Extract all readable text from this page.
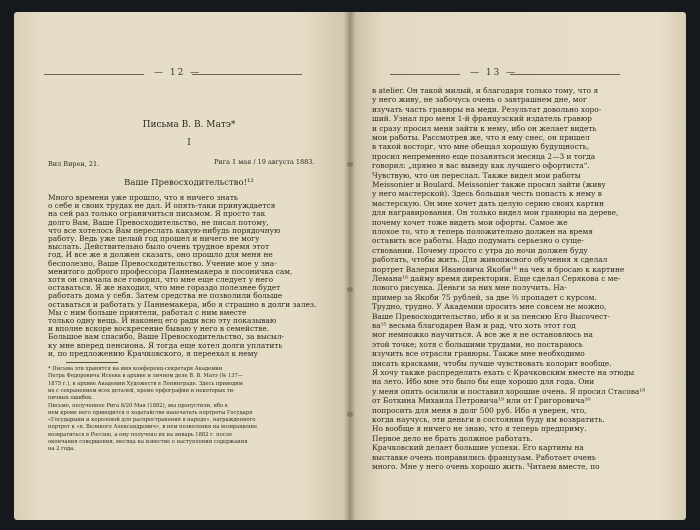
— 12 —
Письма В. В. Матэ*
I
Вил Вирен, 21.	Рига 1 мая / 19 августа 1883.
Ваше Превосходительство!¹²
Много времени уже прошло, что я ничего знать
о себе и своих трудах не дал. И опять-таки принуждается
на сей раз только ограничиться письмом. Я просто так
долго Вам, Ваше Превосходительство, не писал потому,
что все хотелось Вам переслать какую-нибудь порядочную
работу. Ведь уже целый год прошел и ничего не могу
выслать. Действительно было очень трудное время этот
год. И все же я должен сказать, оно прошло для меня не
бесполезно, Ваше Превосходительство. Учение мое у зна-
менитого доброго профессора Паннемакера я посоничка сам,
хотя он сначала все говорил, что мне еще следует у него
оставаться. Я же находил, что мне гораздо полезнее будет
работать дома у себя. Затем средства не позволили больше
оставаться и работать у Паннемакера, ибо я страшно в долги залез.
Мы с ним больше приятели, работал с ним вместе
только одну вещь. И наконец его ради всю эту показываю
и вполне вскоре воскресение бываю у него в семействе.
Большое вам спасибо, Ваше Превосходительство, за высыл-
ку мне вперед пенсиона. Я тогда еще хотел долги уплатить
и, по предложению Крачковского, я переехал к нему
* Письма эти хранятся на имя конференц-секретаря Академии
Петра Федоровича Исеева в архиве и личном деле В. В. Матэ (№ 137—
1875 г.), в архиве Академии Художеств в Ленинграде. Здесь приводим
их с сохранением всех деталей, кроме орфографии и некоторых ти-
пичных ошибок.
Письмо, полученное Рига 8/20 Мая (1882), мы пропустили, ибо в
нем кроме него приводится о ходатайстве напечатать портреты Государя
«Государыни и королевой для распространения в народе», награжденного
портрет к «в. Великого Александрович», в нем позволения на возвращение
возвратиться в Россию, а ему получено их на январь 1882 г. после
окончания совершения, месяца на известие о наступлении содержания
на 2 года.
— 13 —
в atelier. Он такой милый, и благодаря только тому, что я
у него живу, не забочусь очень о завтрашнем дне, мог
изучать часть гравюры на меди. Результат довольно хоро-
ший. Узнал про меня 1-й французский издатель гравюр
и сразу просил меня зайти к нему, ибо он желает видеть
мои работы. Рассмотрев же, что я ему снес, он пришел
в такой восторг, что мне обещал хорошую будущность,
просил непременно еще позаняться месяца 2—3 и тогда
говорил: „прямо я вас выведу как лучшего офортиста“.
Чувствую, что он переслал. Также видел мои работы
Meissonier и Boulard. Meissonier также просил зайти (живу
у него мастерской). Здесь большая честь попасть к нему в
мастерскую. Он мне хочет дать целую серию своих картин
для награвирования. Он только видел мои гравюры на дереве,
почему хочет тоже видеть мои офорты. Самое же
плохое то, что я теперь положительно должен на время
оставить все работы. Надо подумать серьезно о суще-
ствовании. Почему просто с утра до ночи должен буду
работать, чтобы жить. Для живописного обучения я сделал
портрет Валерия Ивановича Якоби¹⁶ на чек и бросаю к картине
Лемана¹⁶ дайму время директории. Еще сделал Серякова с ме-
лового рисунка. Деньги за них мне получить. На-
пример за Якоби 75 рублей, за две ⅔ пропадет с курсом.
Трудно, трудно. У Академии просить мне совсем не можно,
Ваше Превосходительство, ибо я и за пенсию Его Высочест-
ва¹⁵ весьма благодарен Вам и рад, что хоть этот год
мог немножко научиться. А все же я не остановлюсь на
этой точке; хотя с большими трудами, но постараюсь
изучить все отрасли гравюры. Также мне необходимо
писать красками, чтобы лучше чувствовать колорит вообще.
Я хочу также распределить ехать с Крачковским вместе на этюды
на лето. Ибо мне это было бы еще хорошо для года. Они
у меня опять осилили и поставил хорошие очень. Я просил Стасова¹⁸
от Боткина Михаила Петровича¹⁹ или от Григоровича²⁰
попросить для меня в долг 500 руб. Ибо я уверен, что,
когда научусь, эти деньги в состоянии буду им возвратить.
Но вообще я ничего не знаю, что я теперь предприму.
Первое дело не брать должное работать.
Крачковский делает большие успехи. Его картины на
выставке очень понравились французам. Работает очень
много. Мне у него очень хорошо жить. Читаем вместе, по
